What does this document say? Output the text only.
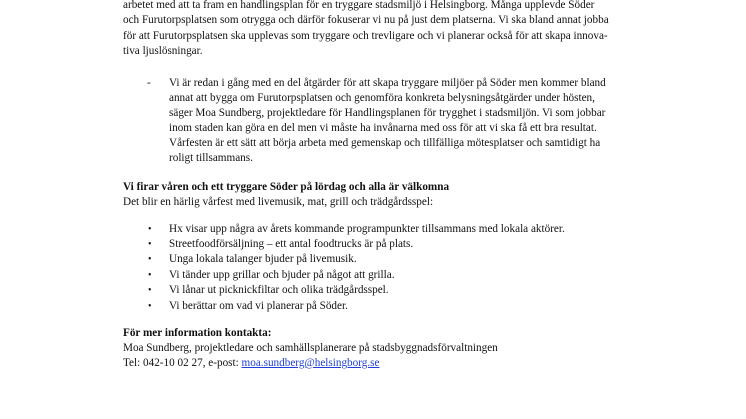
arbetet med att ta fram en handlingsplan för en tryggare stadsmiljö i Helsingborg. Många upplevde Söder
och Furutorpsplatsen som otrygga och därför fokuserar vi nu på just dem platserna. Vi ska bland annat jobba
för att Furutorpsplatsen ska upplevas som tryggare och trevligare och vi planerar också för att skapa innova-
tiva ljuslösningar.
- Vi är redan i gång med en del åtgärder för att skapa tryggare miljöer på Söder men kommer bland
annat att bygga om Furutorpsplatsen och genomföra konkreta belysningsåtgärder under hösten,
säger Moa Sundberg, projektledare för Handlingsplanen för trygghet i stadsmiljön. Vi som jobbar
inom staden kan göra en del men vi måste ha invånarna med oss för att vi ska få ett bra resultat.
Vårfesten är ett sätt att börja arbeta med gemenskap och tillfälliga mötesplatser och samtidigt ha
roligt tillsammans.
Vi firar våren och ett tryggare Söder på lördag och alla är välkomna
Det blir en härlig vårfest med livemusik, mat, grill och trädgårdsspel:
• Hx visar upp några av årets kommande programpunkter tillsammans med lokala aktörer.
• Streetfoodförsäljning – ett antal foodtrucks är på plats.
• Unga lokala talanger bjuder på livemusik.
• Vi tänder upp grillar och bjuder på något att grilla.
• Vi lånar ut picknickfiltar och olika trädgårdsspel.
• Vi berättar om vad vi planerar på Söder.
För mer information kontakta:
Moa Sundberg, projektledare och samhällsplanerare på stadsbyggnadsförvaltningen
Tel: 042-10 02 27, e-post: moa.sundberg@helsingborg.se
